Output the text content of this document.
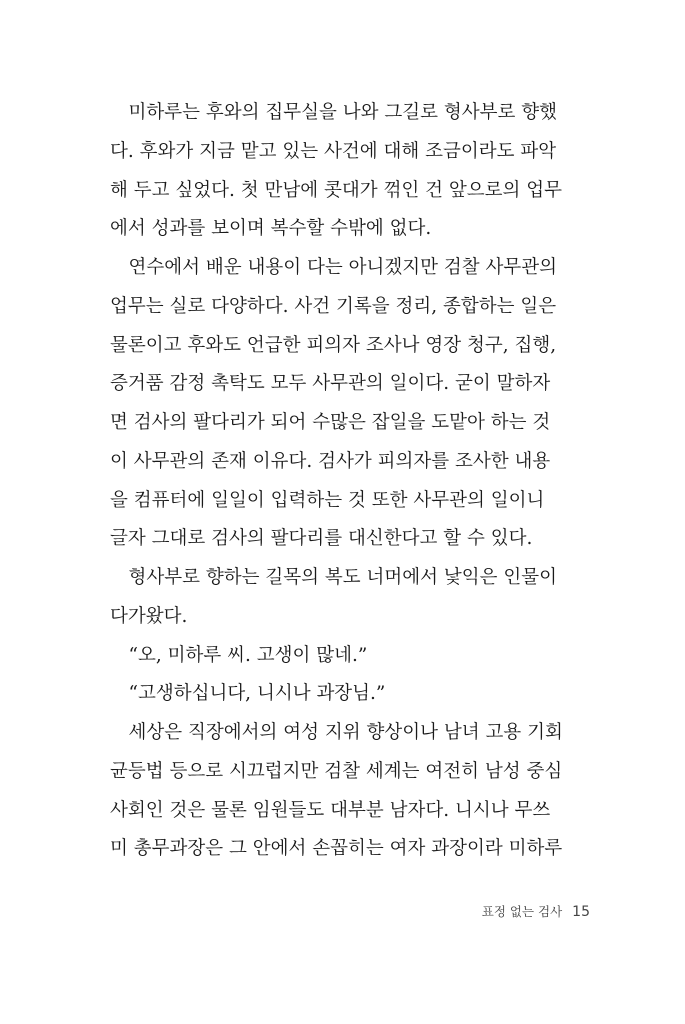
　미하루는 후와의 집무실을 나와 그길로 형사부로 향했
다. 후와가 지금 맡고 있는 사건에 대해 조금이라도 파악
해 두고 싶었다. 첫 만남에 콧대가 꺾인 건 앞으로의 업무
에서 성과를 보이며 복수할 수밖에 없다.
　연수에서 배운 내용이 다는 아니겠지만 검찰 사무관의
업무는 실로 다양하다. 사건 기록을 정리, 종합하는 일은
물론이고 후와도 언급한 피의자 조사나 영장 청구, 집행,
증거품 감정 촉탁도 모두 사무관의 일이다. 굳이 말하자
면 검사의 팔다리가 되어 수많은 잡일을 도맡아 하는 것
이 사무관의 존재 이유다. 검사가 피의자를 조사한 내용
을 컴퓨터에 일일이 입력하는 것 또한 사무관의 일이니
글자 그대로 검사의 팔다리를 대신한다고 할 수 있다.
　형사부로 향하는 길목의 복도 너머에서 낯익은 인물이
다가왔다.
　“오, 미하루 씨. 고생이 많네.”
　“고생하십니다, 니시나 과장님.”
　세상은 직장에서의 여성 지위 향상이나 남녀 고용 기회
균등법 등으로 시끄럽지만 검찰 세계는 여전히 남성 중심
사회인 것은 물론 임원들도 대부분 남자다. 니시나 무쓰
미 총무과장은 그 안에서 손꼽히는 여자 과장이라 미하루
표정 없는 검사 15
